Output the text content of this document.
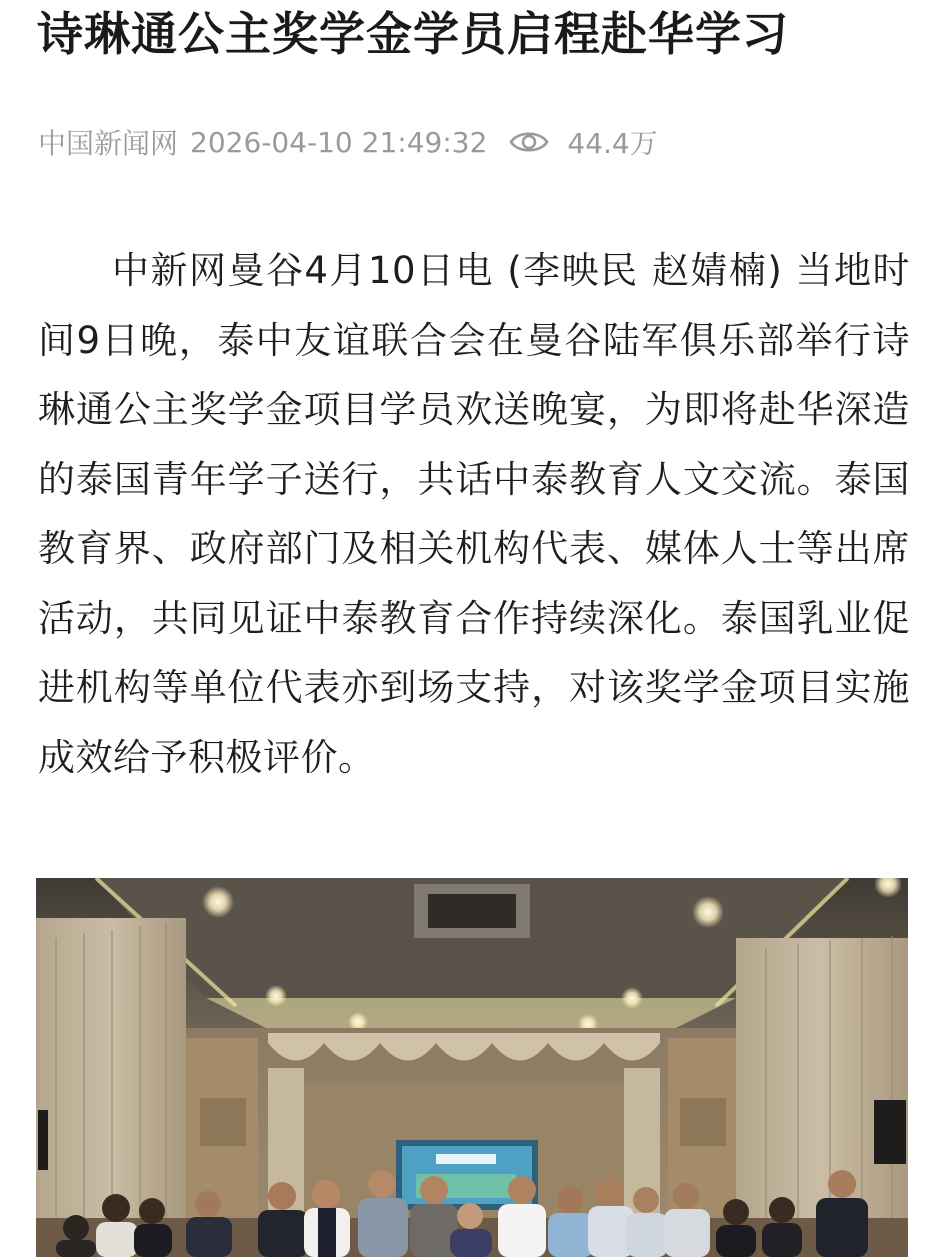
诗琳通公主奖学金学员启程赴华学习
中国新闻网 2026-04-10 21:49:32	44.4万

中新网曼谷4月10日电 (李映民 赵婧楠) 当地时间9日晚，泰中友谊联合会在曼谷陆军俱乐部举行诗琳通公主奖学金项目学员欢送晚宴，为即将赴华深造的泰国青年学子送行，共话中泰教育人文交流。泰国教育界、政府部门及相关机构代表、媒体人士等出席活动，共同见证中泰教育合作持续深化。泰国乳业促进机构等单位代表亦到场支持，对该奖学金项目实施成效给予积极评价。
